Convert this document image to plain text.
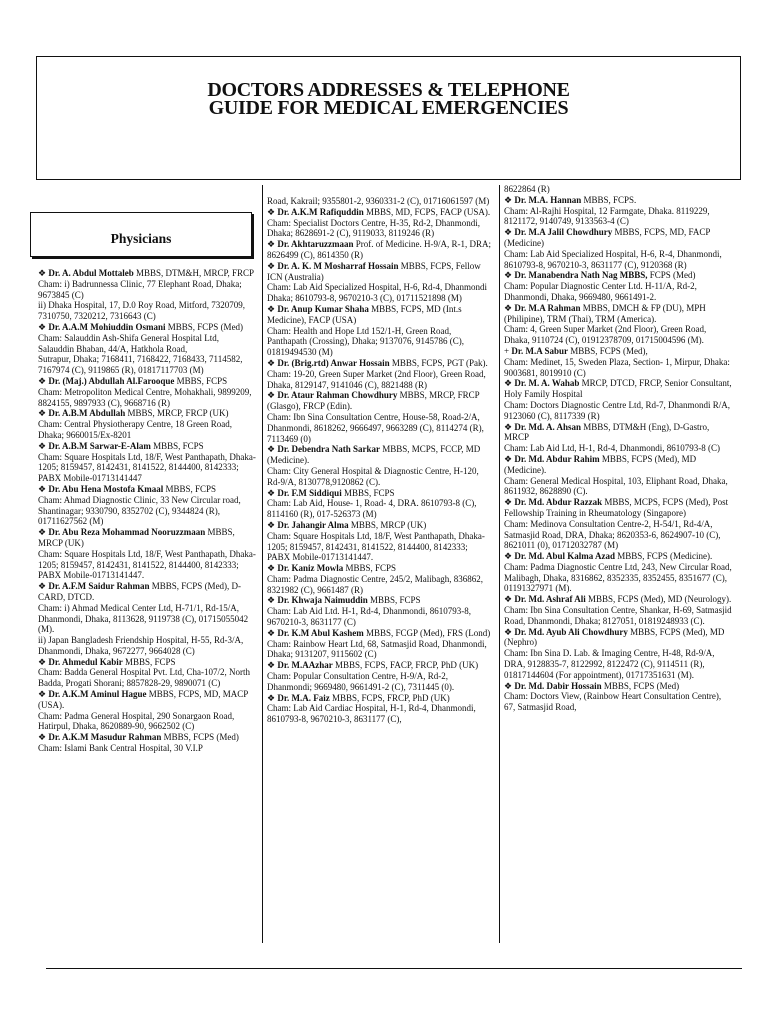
DOCTORS ADDRESSES & TELEPHONE
GUIDE FOR MEDICAL EMERGENCIES
Physicians

❖ Dr. A. Abdul Mottaleb MBBS, DTM&H, MRCP, FRCP

Cham: i) Badrunnessa Clinic, 77 Elephant Road, Dhaka; 9673845 (C)

ii) Dhaka Hospital, 17, D.0 Roy Road, Mitford, 7320709, 7310750, 7320212, 7316643 (C)

❖ Dr. A.A.M Mohiuddin Osmani MBBS, FCPS (Med)

Cham: Salauddin Ash-Shifa General Hospital Ltd, Salauddin Bhaban, 44/A, Hatkhola Road,

Sutrapur, Dhaka; 7168411, 7168422, 7168433, 7114582, 7167974 (C), 9119865 (R), 01817117703 (M)

❖ Dr. (Maj.) Abdullah Al.Farooque MBBS, FCPS

Cham: Metropoliton Medical Centre, Mohakhali, 9899209, 8824155, 9897933 (C), 9668716 (R)

❖ Dr. A.B.M Abdullah MBBS, MRCP, FRCP (UK)

Cham: Central Physiotherapy Centre, 18 Green Road, Dhaka; 9660015/Ex-8201

❖ Dr. A.B.M Sarwar-E-Alam MBBS, FCPS

Cham: Square Hospitals Ltd, 18/F, West Panthapath, Dhaka-1205; 8159457, 8142431, 8141522, 8144400, 8142333; PABX Mobile-01713141447

❖ Dr. Abu Hena Mostofa Kmaal MBBS, FCPS

Cham: Ahmad Diagnostic Clinic, 33 New Circular road, Shantinagar; 9330790, 8352702 (C), 9344824 (R), 01711627562 (M)

❖ Dr. Abu Reza Mohammad Nooruzzmaan MBBS, MRCP (UK)

Cham: Square Hospitals Ltd, 18/F, West Panthapath, Dhaka-1205; 8159457, 8142431, 8141522, 8144400, 8142333; PABX Mobile-01713141447.

❖ Dr. A.F.M Saidur Rahman MBBS, FCPS (Med), D-CARD, DTCD.

Cham: i) Ahmad Medical Center Ltd, H-71/1, Rd-15/A, Dhanmondi, Dhaka, 8113628, 9119738 (C), 01715055042 (M).

ii) Japan Bangladesh Friendship Hospital, H-55, Rd-3/A, Dhanmondi, Dhaka, 9672277, 9664028 (C)

❖ Dr. Ahmedul Kabir MBBS, FCPS

Cham: Badda General Hospital Pvt. Ltd, Cha-107/2, North Badda, Progati Shorani; 8857828-29, 9890071 (C)

❖ Dr. A.K.M Aminul Hague MBBS, FCPS, MD, MACP (USA).

Cham: Padma General Hospital, 290 Sonargaon Road, Hatirpul, Dhaka, 8620889-90, 9662502 (C)

❖ Dr. A.K.M Masudur Rahman MBBS, FCPS (Med)

Cham: Islami Bank Central Hospital, 30 V.I.P

Road, Kakrail; 9355801-2, 9360331-2 (C), 01716061597 (M)

❖ Dr. A.K.M Rafiquddin MBBS, MD, FCPS, FACP (USA).

Cham: Specialist Doctors Centre, H-35, Rd-2, Dhanmondi, Dhaka; 8628691-2 (C), 9119033, 8119246 (R)

❖ Dr. Akhtaruzzmaan Prof. of Medicine. H-9/A, R-1, DRA; 8626499 (C), 8614350 (R)

❖ Dr. A. K. M Mosharraf Hossain MBBS, FCPS, Fellow ICN (Australia)

Cham: Lab Aid Specialized Hospital, H-6, Rd-4, Dhanmondi Dhaka; 8610793-8, 9670210-3 (C), 01711521898 (M)

❖ Dr. Anup Kumar Shaha MBBS, FCPS, MD (Int.s Medicine), FACP (USA)

Cham: Health and Hope Ltd 152/1-H, Green Road, Panthapath (Crossing), Dhaka; 9137076, 9145786 (C), 01819494530 (M)

❖ Dr. (Brig.rtd) Anwar Hossain MBBS, FCPS, PGT (Pak).

Cham: 19-20, Green Super Market (2nd Floor), Green Road, Dhaka, 8129147, 9141046 (C), 8821488 (R)

❖ Dr. Ataur Rahman Chowdhury MBBS, MRCP, FRCP (Glasgo), FRCP (Edin).

Cham: Ibn Sina Consultation Centre, House-58, Road-2/A, Dhanmondi, 8618262, 9666497, 9663289 (C), 8114274 (R), 7113469 (0)

❖ Dr. Debendra Nath Sarkar MBBS, MCPS, FCCP, MD (Medicine).

Cham: City General Hospital & Diagnostic Centre, H-120, Rd-9/A, 8130778,9120862 (C).

❖ Dr. F.M Siddiqui MBBS, FCPS

Cham: Lab Aid, House- 1, Road- 4, DRA. 8610793-8 (C), 8114160 (R), 017-526373 (M)

❖ Dr. Jahangir Alma MBBS, MRCP (UK)

Cham: Square Hospitals Ltd, 18/F, West Panthapath, Dhaka-1205; 8159457, 8142431, 8141522, 8144400, 8142333; PABX Mobile-01713141447.

❖ Dr. Kaniz Mowla MBBS, FCPS

Cham: Padma Diagnostic Centre, 245/2, Malibagh, 836862, 8321982 (C), 9661487 (R)

❖ Dr. Khwaja Naimuddin MBBS, FCPS

Cham: Lab Aid Ltd. H-1, Rd-4, Dhanmondi, 8610793-8, 9670210-3, 8631177 (C)

❖ Dr. K.M Abul Kashem MBBS, FCGP (Med), FRS (Lond)

Cham: Rainbow Heart Ltd, 68, Satmasjid Road, Dhanmondi, Dhaka; 9131207, 9115602 (C)

❖ Dr. M.AAzhar MBBS, FCPS, FACP, FRCP, PhD (UK)

Cham: Popular Consultation Centre, H-9/A, Rd-2, Dhanmondi; 9669480, 9661491-2 (C), 7311445 (0).

❖ Dr. M.A. Faiz MBBS, FCPS, FRCP, PhD (UK)

Cham: Lab Aid Cardiac Hospital, H-1, Rd-4, Dhanmondi, 8610793-8, 9670210-3, 8631177 (C),

8622864 (R)

❖ Dr. M.A. Hannan MBBS, FCPS.

Cham: Al-Rajhi Hospital, 12 Farmgate, Dhaka. 8119229, 8121172, 9140749, 9133563-4 (C)

❖ Dr. M.A Jalil Chowdhury MBBS, FCPS, MD, FACP (Medicine)

Cham: Lab Aid Specialized Hospital, H-6, R-4, Dhanmondi, 8610793-8, 9670210-3, 8631177 (C), 9120368 (R)

❖ Dr. Manabendra Nath Nag MBBS, FCPS (Med)

Cham: Popular Diagnostic Center Ltd. H-11/A, Rd-2, Dhanmondi, Dhaka, 9669480, 9661491-2.

❖ Dr. M.A Rahman MBBS, DMCH & FP (DU), MPH (Philipine), TRM (Thai), TRM (America).

Cham: 4, Green Super Market (2nd Floor), Green Road, Dhaka, 9110724 (C), 01912378709, 01715004596 (M).

+ Dr. M.A Sabur MBBS, FCPS (Med),

Cham: Medinet, 15, Sweden Plaza, Section- 1, Mirpur, Dhaka: 9003681, 8019910 (C)

❖ Dr. M. A. Wahab MRCP, DTCD, FRCP, Senior Consultant, Holy Family Hospital

Cham: Doctors Diagnostic Centre Ltd, Rd-7, Dhanmondi R/A, 9123060 (C), 8117339 (R)

❖ Dr. Md. A. Ahsan MBBS, DTM&H (Eng), D-Gastro, MRCP

Cham: Lab Aid Ltd, H-1, Rd-4, Dhanmondi, 8610793-8 (C)

❖ Dr. Md. Abdur Rahim MBBS, FCPS (Med), MD (Medicine).

Cham: General Medical Hospital, 103, Eliphant Road, Dhaka, 8611932, 8628890 (C).

❖ Dr. Md. Abdur Razzak MBBS, MCPS, FCPS (Med), Post Fellowship Training in Rheumatology (Singapore)

Cham: Medinova Consultation Centre-2, H-54/1, Rd-4/A, Satmasjid Road, DRA, Dhaka; 8620353-6, 8624907-10 (C), 8621011 (0), 01712032787 (M)

❖ Dr. Md. Abul Kalma Azad MBBS, FCPS (Medicine).

Cham: Padma Diagnostic Centre Ltd, 243, New Circular Road, Malibagh, Dhaka, 8316862, 8352335, 8352455, 8351677 (C), 01191327971 (M).

❖ Dr. Md. Ashraf Ali MBBS, FCPS (Med), MD (Neurology).

Cham: Ibn Sina Consultation Centre, Shankar, H-69, Satmasjid Road, Dhanmondi, Dhaka; 8127051, 01819248933 (C).

❖ Dr. Md. Ayub Ali Chowdhury MBBS, FCPS (Med), MD (Nephro)

Cham: Ibn Sina D. Lab. & Imaging Centre, H-48, Rd-9/A, DRA, 9128835-7, 8122992, 8122472 (C), 9114511 (R), 01817144604 (For appointment), 01717351631 (M).

❖ Dr. Md. Dabir Hossain MBBS, FCPS (Med)

Cham: Doctors View, (Rainbow Heart Consultation Centre), 67, Satmasjid Road,
